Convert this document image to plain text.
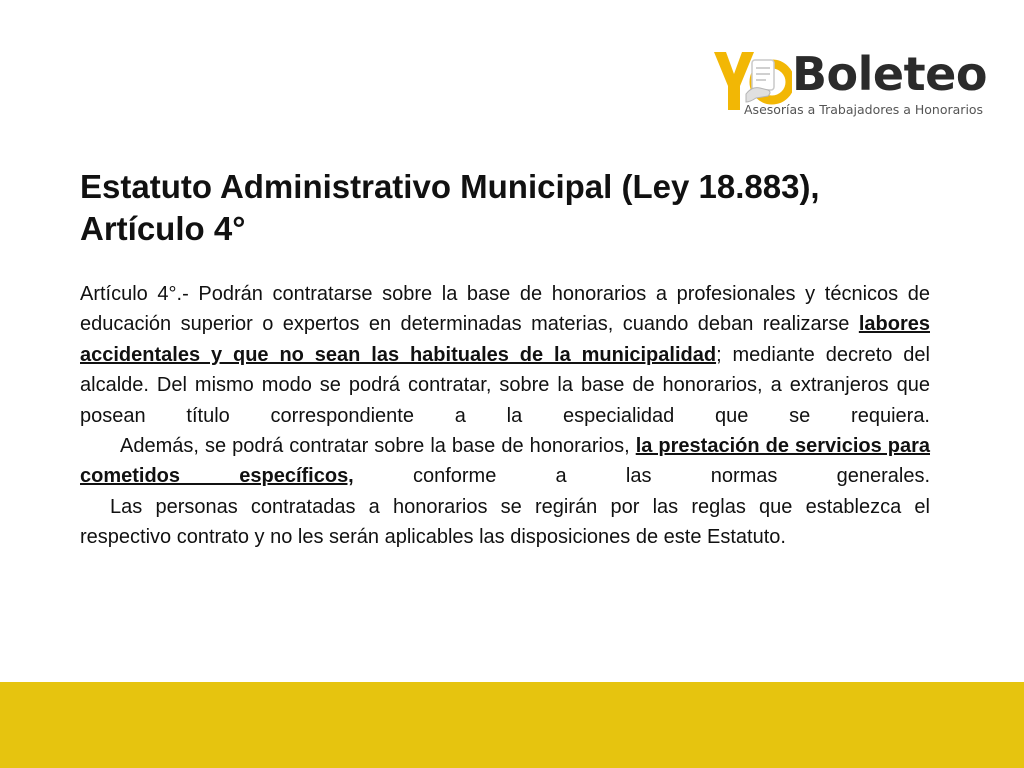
Boleteo
Asesorías a Trabajadores a Honorarios
Estatuto Administrativo Municipal (Ley 18.883), Artículo 4°

Artículo 4°.- Podrán contratarse sobre la base de honorarios a profesionales y técnicos de educación superior o expertos en determinadas materias, cuando deban realizarse labores accidentales y que no sean las habituales de la municipalidad; mediante decreto del alcalde. Del mismo modo se podrá contratar, sobre la base de honorarios, a extranjeros que posean título correspondiente a la especialidad que se requiera.

Además, se podrá contratar sobre la base de honorarios, la prestación de servicios para cometidos específicos, conforme a las normas generales.

Las personas contratadas a honorarios se regirán por las reglas que establezca el respectivo contrato y no les serán aplicables las disposiciones de este Estatuto.
